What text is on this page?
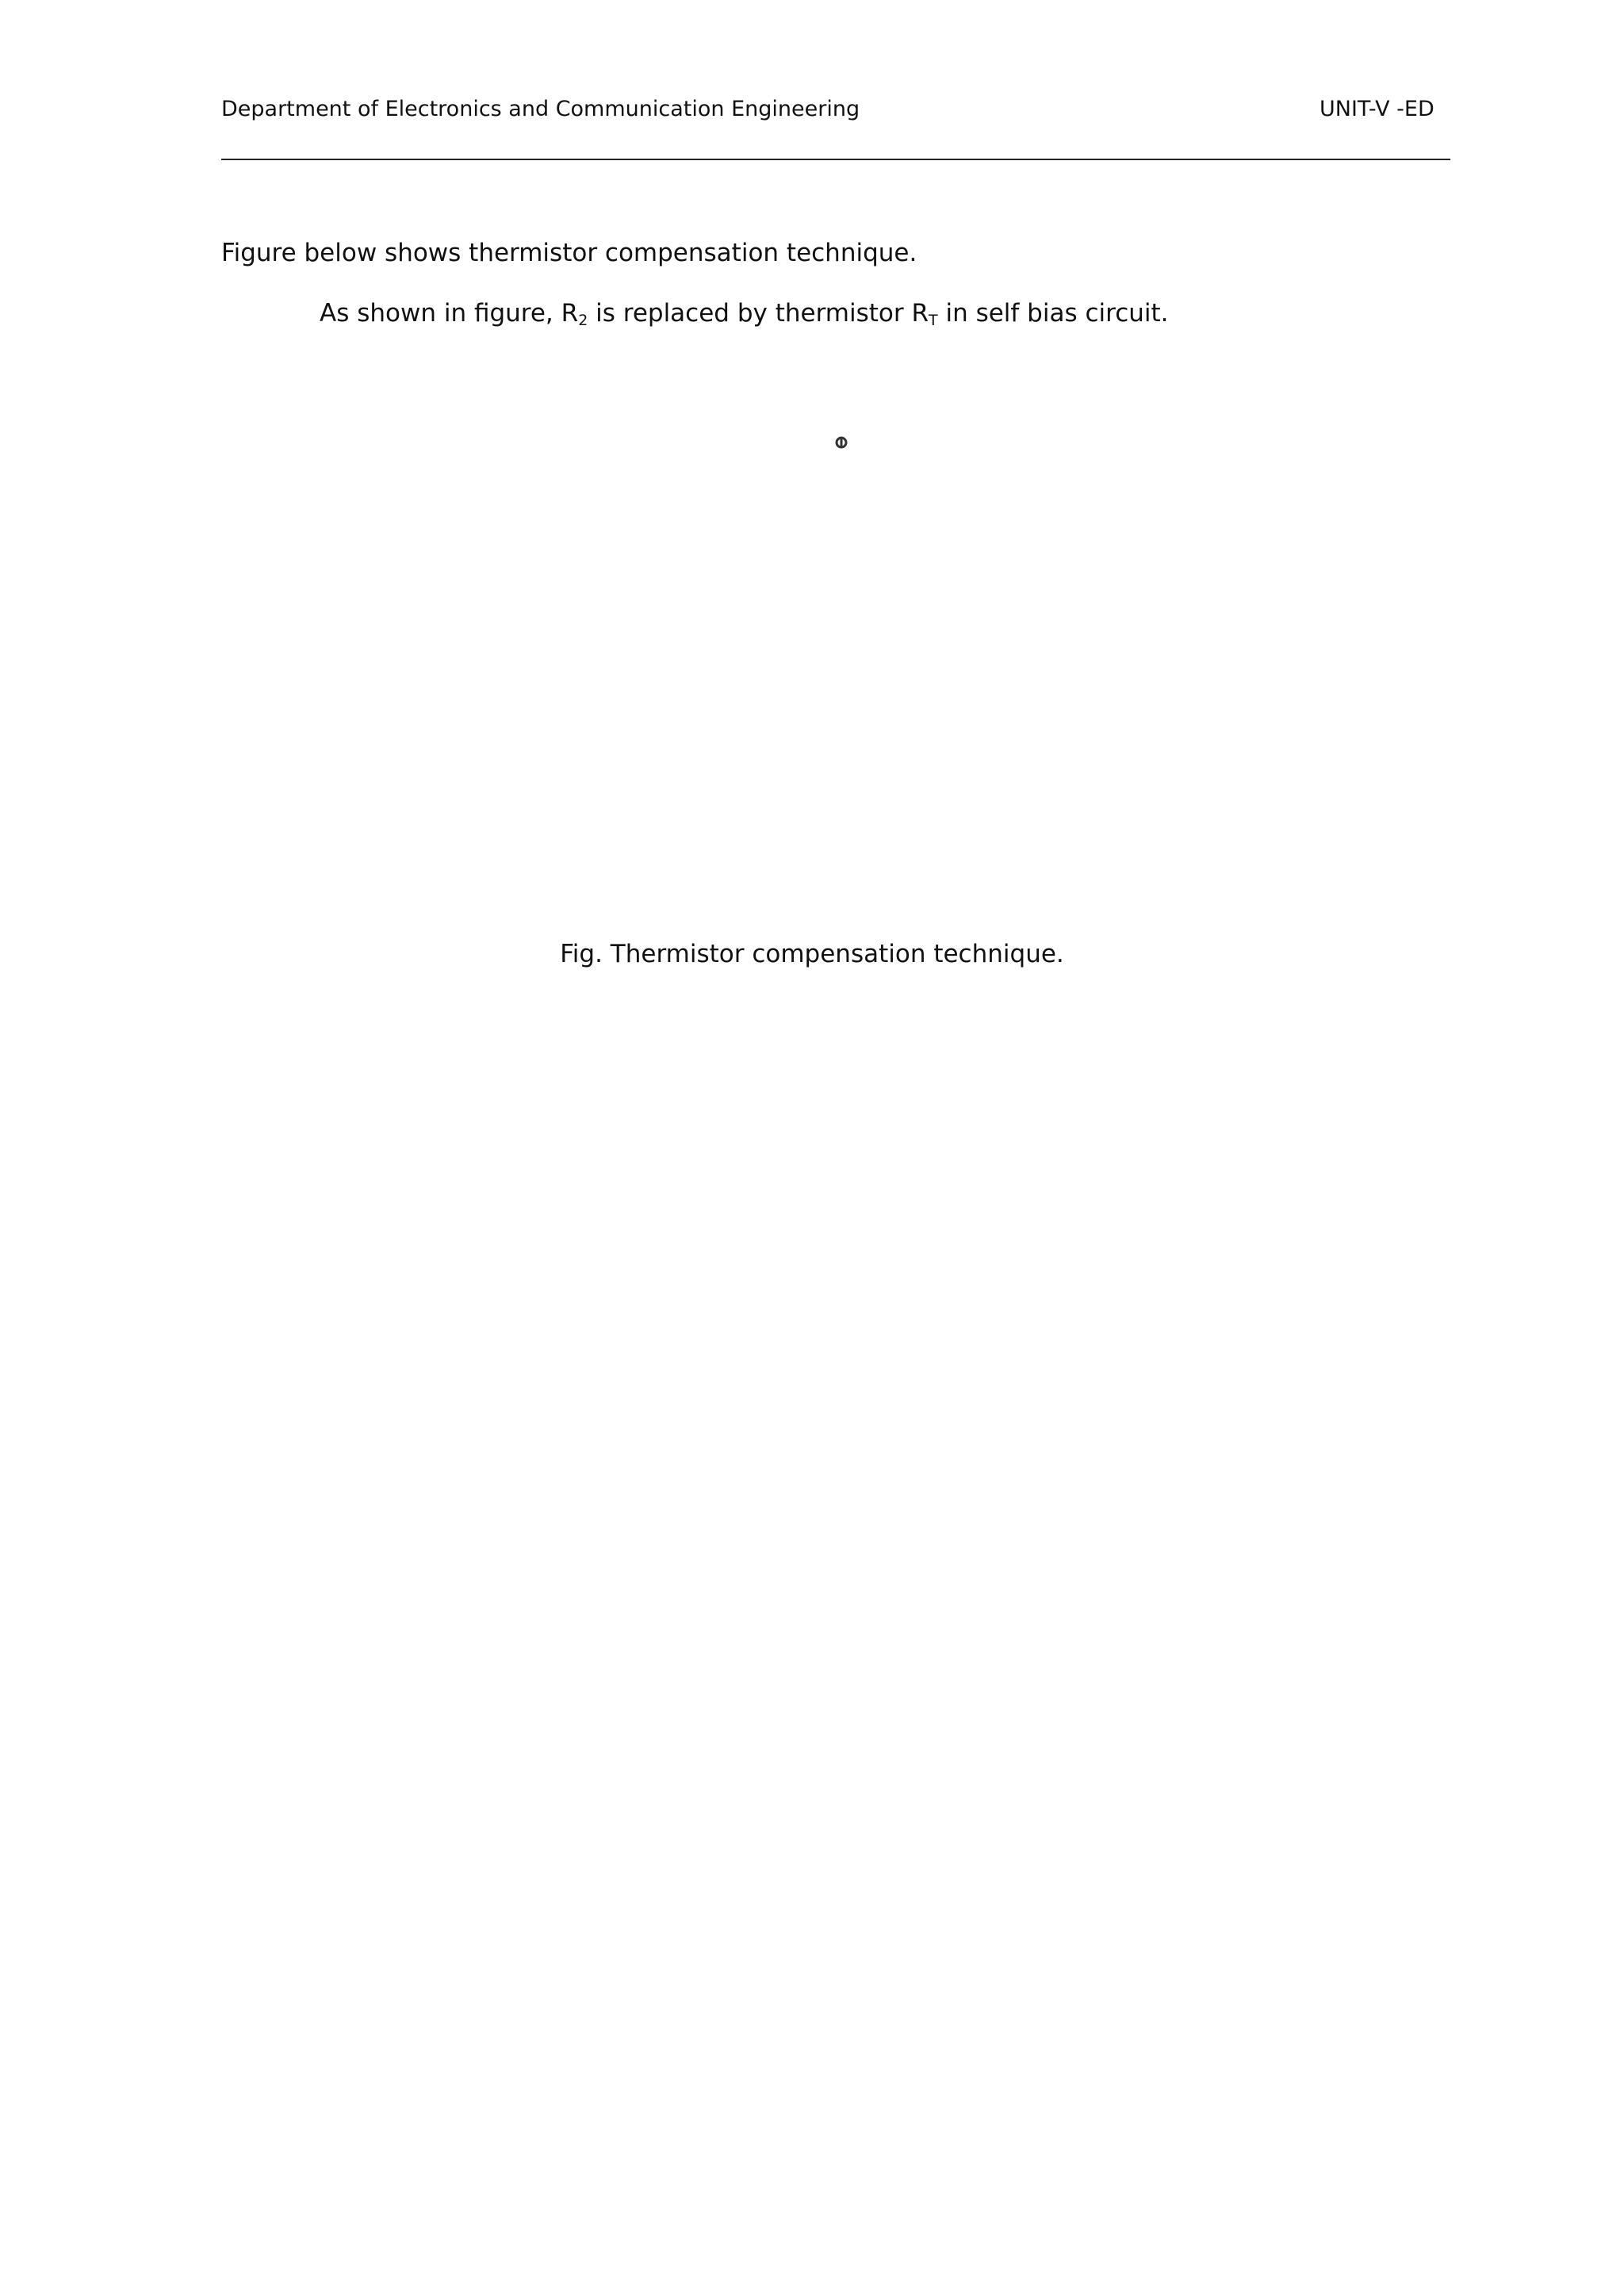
Department of Electronics and Communication Engineering	UNIT-V -ED
Figure below shows thermistor compensation technique.
As shown in figure, $R_2$ is replaced by thermistor $R_T$ in self bias circuit.
Fig. Thermistor compensation technique.
